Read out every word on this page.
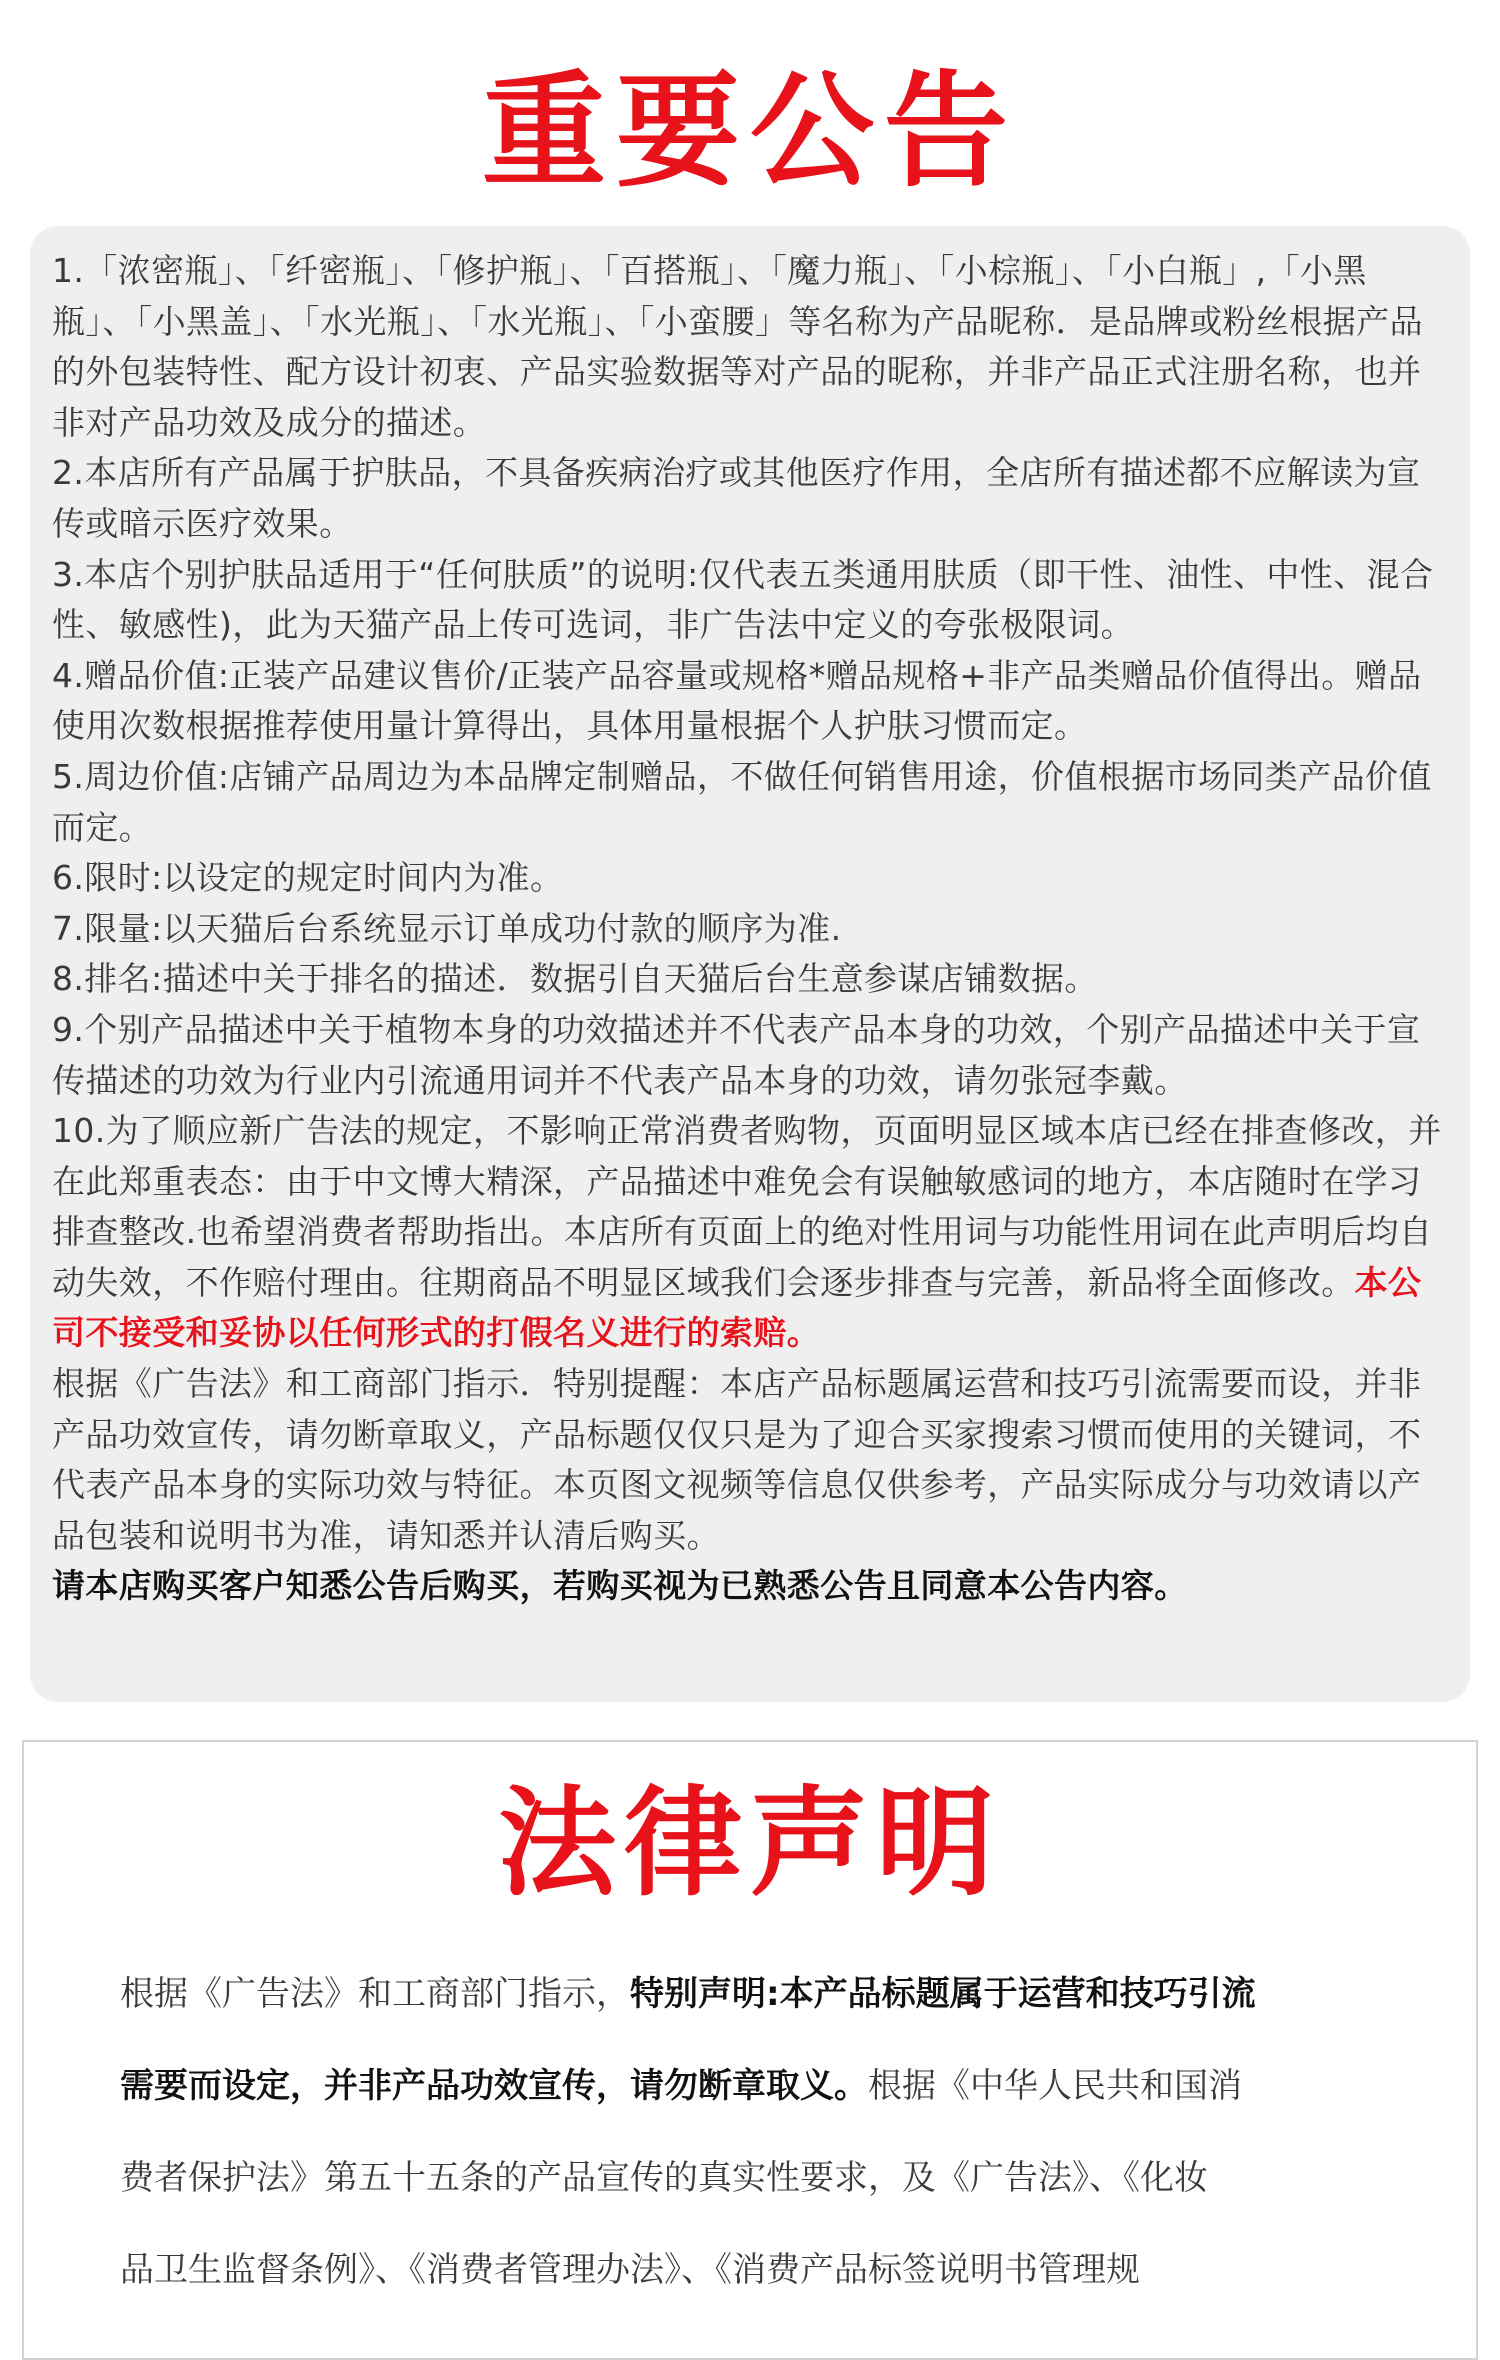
重要公告

1.「浓密瓶」、「纤密瓶」、「修护瓶」、「百搭瓶」、「魔力瓶」、「小棕瓶」、「小白瓶」,「小黑瓶」、「小黑盖」、「水光瓶」、「水光瓶」、「小蛮腰」等名称为产品昵称．是品牌或粉丝根据产品的外包装特性、配方设计初衷、产品实验数据等对产品的昵称，并非产品正式注册名称，也并非对产品功效及成分的描述。

2.本店所有产品属于护肤品，不具备疾病治疗或其他医疗作用，全店所有描述都不应解读为宣传或暗示医疗效果。

3.本店个别护肤品适用于“任何肤质”的说明:仅代表五类通用肤质（即干性、油性、中性、混合性、敏感性)，此为天猫产品上传可选词，非广告法中定义的夸张极限词。

4.赠品价值:正装产品建议售价/正装产品容量或规格*赠品规格+非产品类赠品价值得出。赠品使用次数根据推荐使用量计算得出，具体用量根据个人护肤习惯而定。

5.周边价值:店铺产品周边为本品牌定制赠品，不做任何销售用途，价值根据市场同类产品价值而定。

6.限时:以设定的规定时间内为准。

7.限量:以天猫后台系统显示订单成功付款的顺序为准.

8.排名:描述中关于排名的描述．数据引自天猫后台生意参谋店铺数据。

9.个别产品描述中关于植物本身的功效描述并不代表产品本身的功效，个别产品描述中关于宣传描述的功效为行业内引流通用词并不代表产品本身的功效，请勿张冠李戴。

10.为了顺应新广告法的规定，不影响正常消费者购物，页面明显区域本店已经在排查修改，并在此郑重表态：由于中文博大精深，产品描述中难免会有误触敏感词的地方，本店随时在学习排查整改.也希望消费者帮助指出。本店所有页面上的绝对性用词与功能性用词在此声明后均自动失效，不作赔付理由。往期商品不明显区域我们会逐步排查与完善，新品将全面修改。本公司不接受和妥协以任何形式的打假名义进行的索赔。

根据《广告法》和工商部门指示．特别提醒：本店产品标题属运营和技巧引流需要而设，并非产品功效宣传，请勿断章取义，产品标题仅仅只是为了迎合买家搜索习惯而使用的关键词，不代表产品本身的实际功效与特征。本页图文视频等信息仅供参考，产品实际成分与功效请以产品包装和说明书为准，请知悉并认清后购买。

请本店购买客户知悉公告后购买，若购买视为已熟悉公告且同意本公告内容。

法律声明

根据《广告法》和工商部门指示，特别声明:本产品标题属于运营和技巧引流

需要而设定，并非产品功效宣传，请勿断章取义。根据《中华人民共和国消

费者保护法》第五十五条的产品宣传的真实性要求，及《广告法》、《化妆

品卫生监督条例》、《消费者管理办法》、《消费产品标签说明书管理规
